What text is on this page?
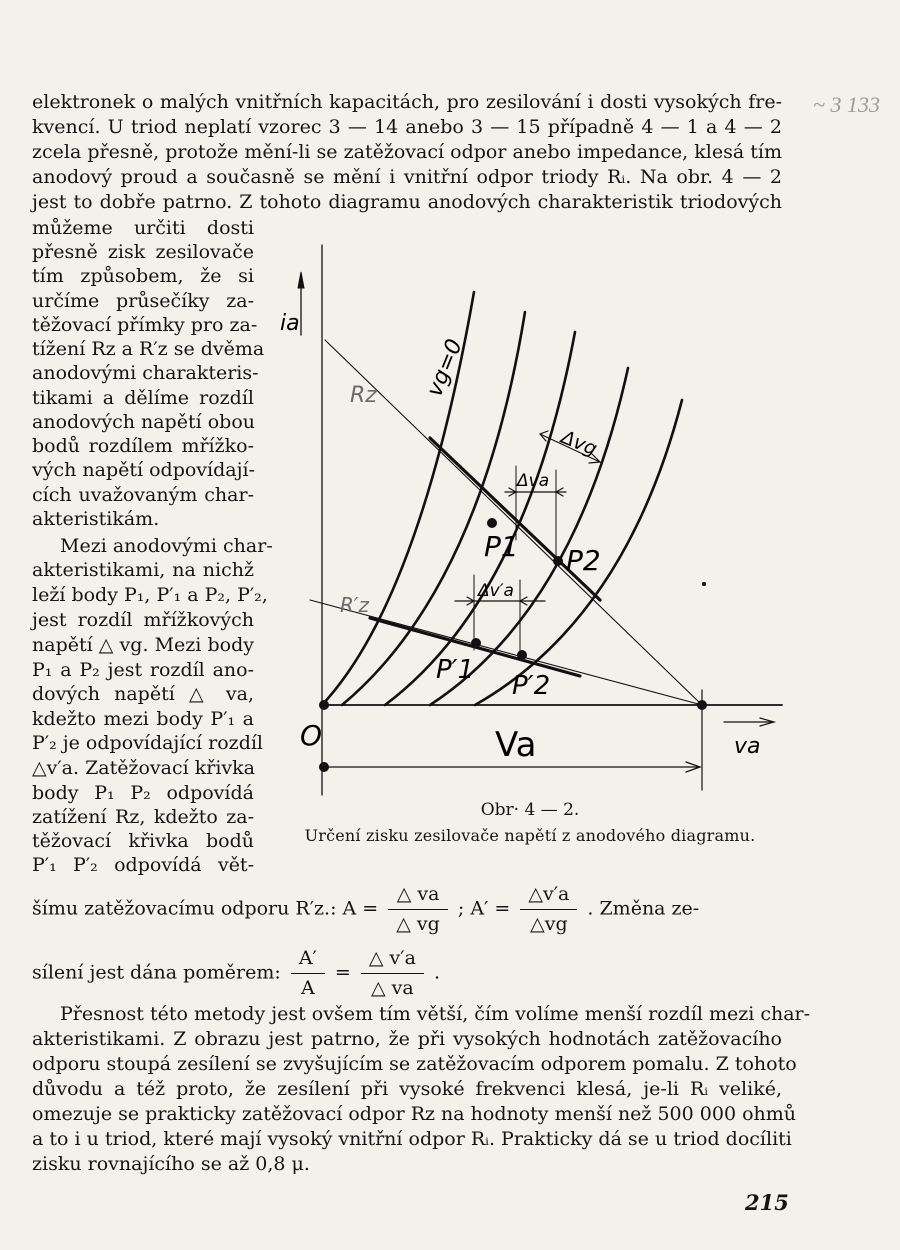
~ 3 133
elektronek o malých vnitřních kapacitách, pro zesilování i dosti vysokých fre-
kvencí. U triod neplatí vzorec 3 — 14 anebo 3 — 15 případně 4 — 1 a 4 — 2
zcela přesně, protože mění-li se zatěžovací odpor anebo impedance, klesá tím
anodový proud a současně se mění i vnitřní odpor triody Rᵢ. Na obr. 4 — 2
jest to dobře patrno. Z tohoto diagramu anodových charakteristik triodových
můžeme určiti dosti
přesně zisk zesilovače
tím způsobem, že si
určíme průsečíky za-
těžovací přímky pro za-
tížení Rz a R′z se dvěma
anodovými charakteris-
tikami a dělíme rozdíl
anodových napětí obou
bodů rozdílem mřížko-
vých napětí odpovídají-
cích uvažovaným char-
akteristikám.
Mezi anodovými char-
akteristikami, na nichž
leží body P₁, P′₁ a P₂, P′₂,
jest rozdíl mřížkových
napětí △ vg. Mezi body
P₁ a P₂ jest rozdíl ano-
dových napětí △ va,
kdežto mezi body P′₁ a
P′₂ je odpovídající rozdíl
△v′a. Zatěžovací křivka
body P₁ P₂ odpovídá
zatížení Rz, kdežto za-
těžovací křivka bodů
P′₁ P′₂ odpovídá vět-
ia
O	Va	va
vg=0
Δvg
Δva
Δv′a
Rz
R′z
P1 P2
P′1
P′2
Obr· 4 — 2.
Určení zisku zesilovače napětí z anodového diagramu.
šímu zatěžovacímu odporu R′z.: $A = \frac{\triangle va}{\triangle vg}$ ; $A' = \frac{\triangle v'a}{\triangle vg}$ . Změna ze-
sílení jest dána poměrem: $\frac{A'}{A} = \frac{\triangle v'a}{\triangle va}$ .
Přesnost této metody jest ovšem tím větší, čím volíme menší rozdíl mezi char-
akteristikami. Z obrazu jest patrno, že při vysokých hodnotách zatěžovacího
odporu stoupá zesílení se zvyšujícím se zatěžovacím odporem pomalu. Z tohoto
důvodu a též proto, že zesílení při vysoké frekvenci klesá, je-li Rᵢ veliké,
omezuje se prakticky zatěžovací odpor Rz na hodnoty menší než 500 000 ohmů
a to i u triod, které mají vysoký vnitřní odpor Rᵢ. Prakticky dá se u triod docíliti
zisku rovnajícího se až 0,8 μ.
215
